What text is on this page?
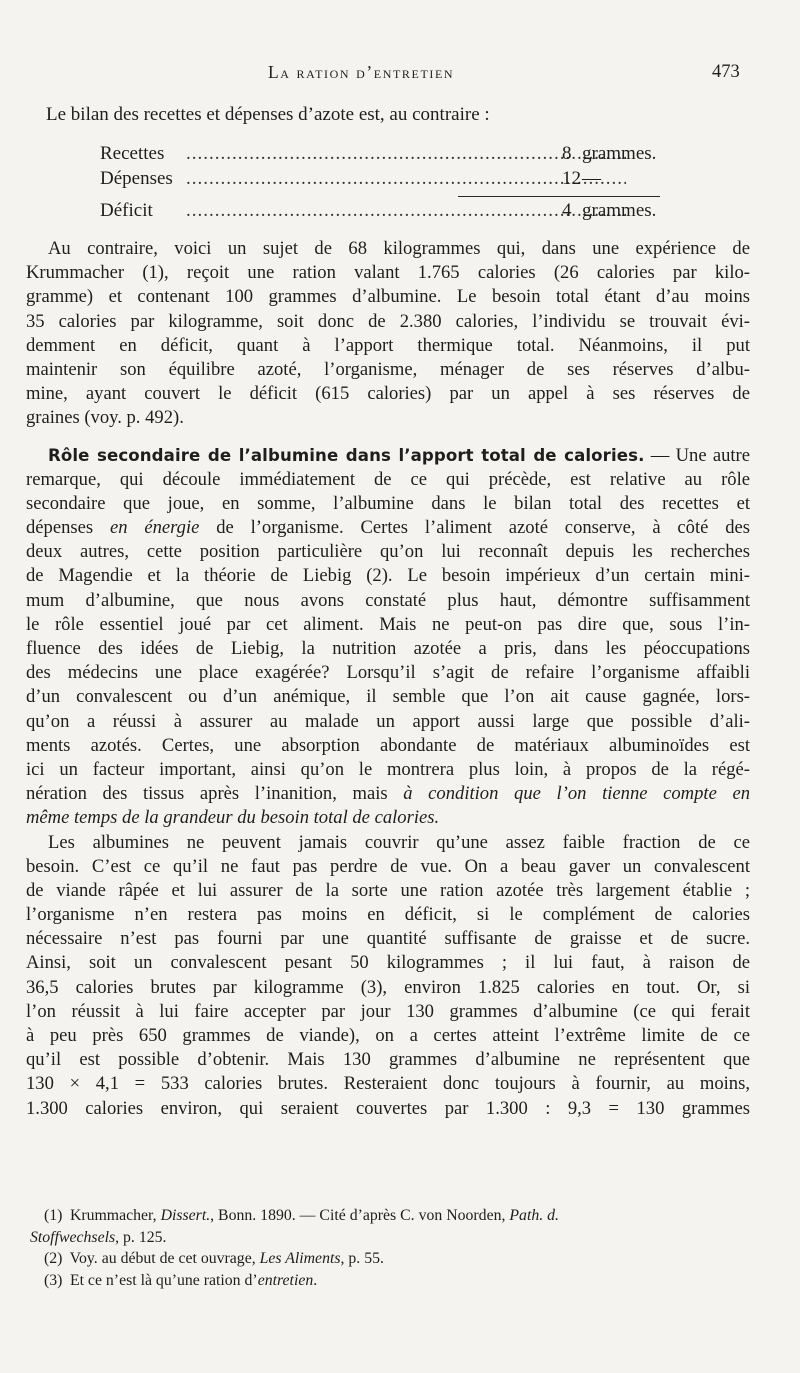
La ration d’entretien	473
Le bilan des recettes et dépenses d’azote est, au contraire :
Recettes .....	8 grammes.
Dépenses .....	12 —
Déficit .....	4 grammes.
Au contraire, voici un sujet de 68 kilogrammes qui, dans une expérience de
Krummacher (1), reçoit une ration valant 1.765 calories (26 calories par kilo-
gramme) et contenant 100 grammes d’albumine. Le besoin total étant d’au moins
35 calories par kilogramme, soit donc de 2.380 calories, l’individu se trouvait évi-
demment en déficit, quant à l’apport thermique total. Néanmoins, il put
maintenir son équilibre azoté, l’organisme, ménager de ses réserves d’albu-
mine, ayant couvert le déficit (615 calories) par un appel à ses réserves de
graines (voy. p. 492).
Rôle secondaire de l’albumine dans l’apport total de calories. — Une autre
remarque, qui découle immédiatement de ce qui précède, est relative au rôle
secondaire que joue, en somme, l’albumine dans le bilan total des recettes et
dépenses en énergie de l’organisme. Certes l’aliment azoté conserve, à côté des
deux autres, cette position particulière qu’on lui reconnaît depuis les recherches
de Magendie et la théorie de Liebig (2). Le besoin impérieux d’un certain mini-
mum d’albumine, que nous avons constaté plus haut, démontre suffisamment
le rôle essentiel joué par cet aliment. Mais ne peut-on pas dire que, sous l’in-
fluence des idées de Liebig, la nutrition azotée a pris, dans les péoccupations
des médecins une place exagérée? Lorsqu’il s’agit de refaire l’organisme affaibli
d’un convalescent ou d’un anémique, il semble que l’on ait cause gagnée, lors-
qu’on a réussi à assurer au malade un apport aussi large que possible d’ali-
ments azotés. Certes, une absorption abondante de matériaux albuminoïdes est
ici un facteur important, ainsi qu’on le montrera plus loin, à propos de la régé-
nération des tissus après l’inanition, mais à condition que l’on tienne compte en
même temps de la grandeur du besoin total de calories.
Les albumines ne peuvent jamais couvrir qu’une assez faible fraction de ce
besoin. C’est ce qu’il ne faut pas perdre de vue. On a beau gaver un convalescent
de viande râpée et lui assurer de la sorte une ration azotée très largement établie ;
l’organisme n’en restera pas moins en déficit, si le complément de calories
nécessaire n’est pas fourni par une quantité suffisante de graisse et de sucre.
Ainsi, soit un convalescent pesant 50 kilogrammes ; il lui faut, à raison de
36,5 calories brutes par kilogramme (3), environ 1.825 calories en tout. Or, si
l’on réussit à lui faire accepter par jour 130 grammes d’albumine (ce qui ferait
à peu près 650 grammes de viande), on a certes atteint l’extrême limite de ce
qu’il est possible d’obtenir. Mais 130 grammes d’albumine ne représentent que
130 × 4,1 = 533 calories brutes. Resteraient donc toujours à fournir, au moins,
1.300 calories environ, qui seraient couvertes par 1.300 : 9,3 = 130 grammes
(1) Krummacher, Dissert., Bonn. 1890. — Cité d’après C. von Noorden, Path. d.
Stoffwechsels, p. 125.
(2) Voy. au début de cet ouvrage, Les Aliments, p. 55.
(3) Et ce n’est là qu’une ration d’entretien.
